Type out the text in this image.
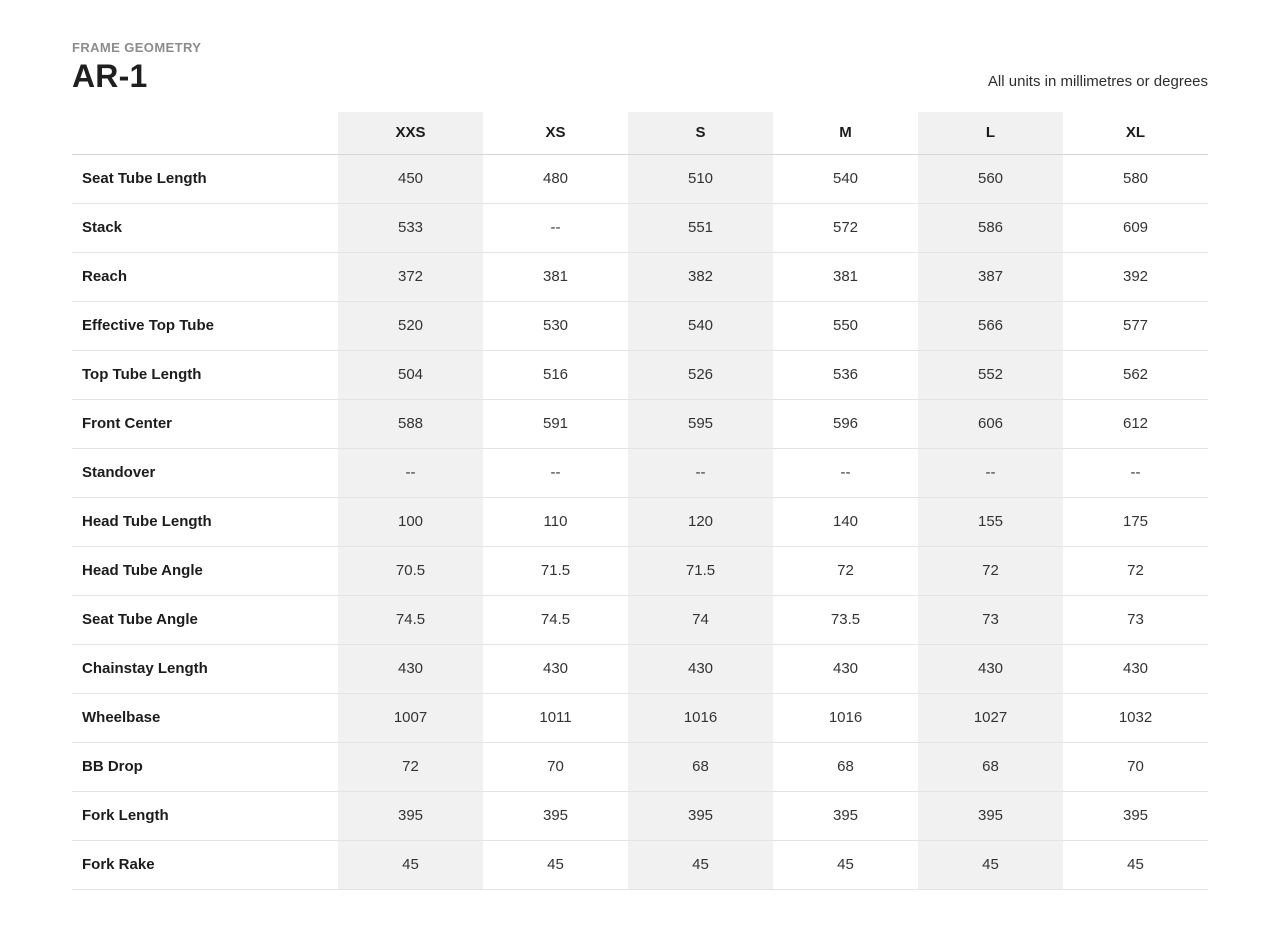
FRAME GEOMETRY
AR-1	All units in millimetres or degrees
	XXS	XS	S	M	L	XL
Seat Tube Length	450	480	510	540	560	580
Stack	533	--	551	572	586	609
Reach	372	381	382	381	387	392
Effective Top Tube	520	530	540	550	566	577
Top Tube Length	504	516	526	536	552	562
Front Center	588	591	595	596	606	612
Standover	--	--	--	--	--	--
Head Tube Length	100	110	120	140	155	175
Head Tube Angle	70.5	71.5	71.5	72	72	72
Seat Tube Angle	74.5	74.5	74	73.5	73	73
Chainstay Length	430	430	430	430	430	430
Wheelbase	1007	1011	1016	1016	1027	1032
BB Drop	72	70	68	68	68	70
Fork Length	395	395	395	395	395	395
Fork Rake	45	45	45	45	45	45
